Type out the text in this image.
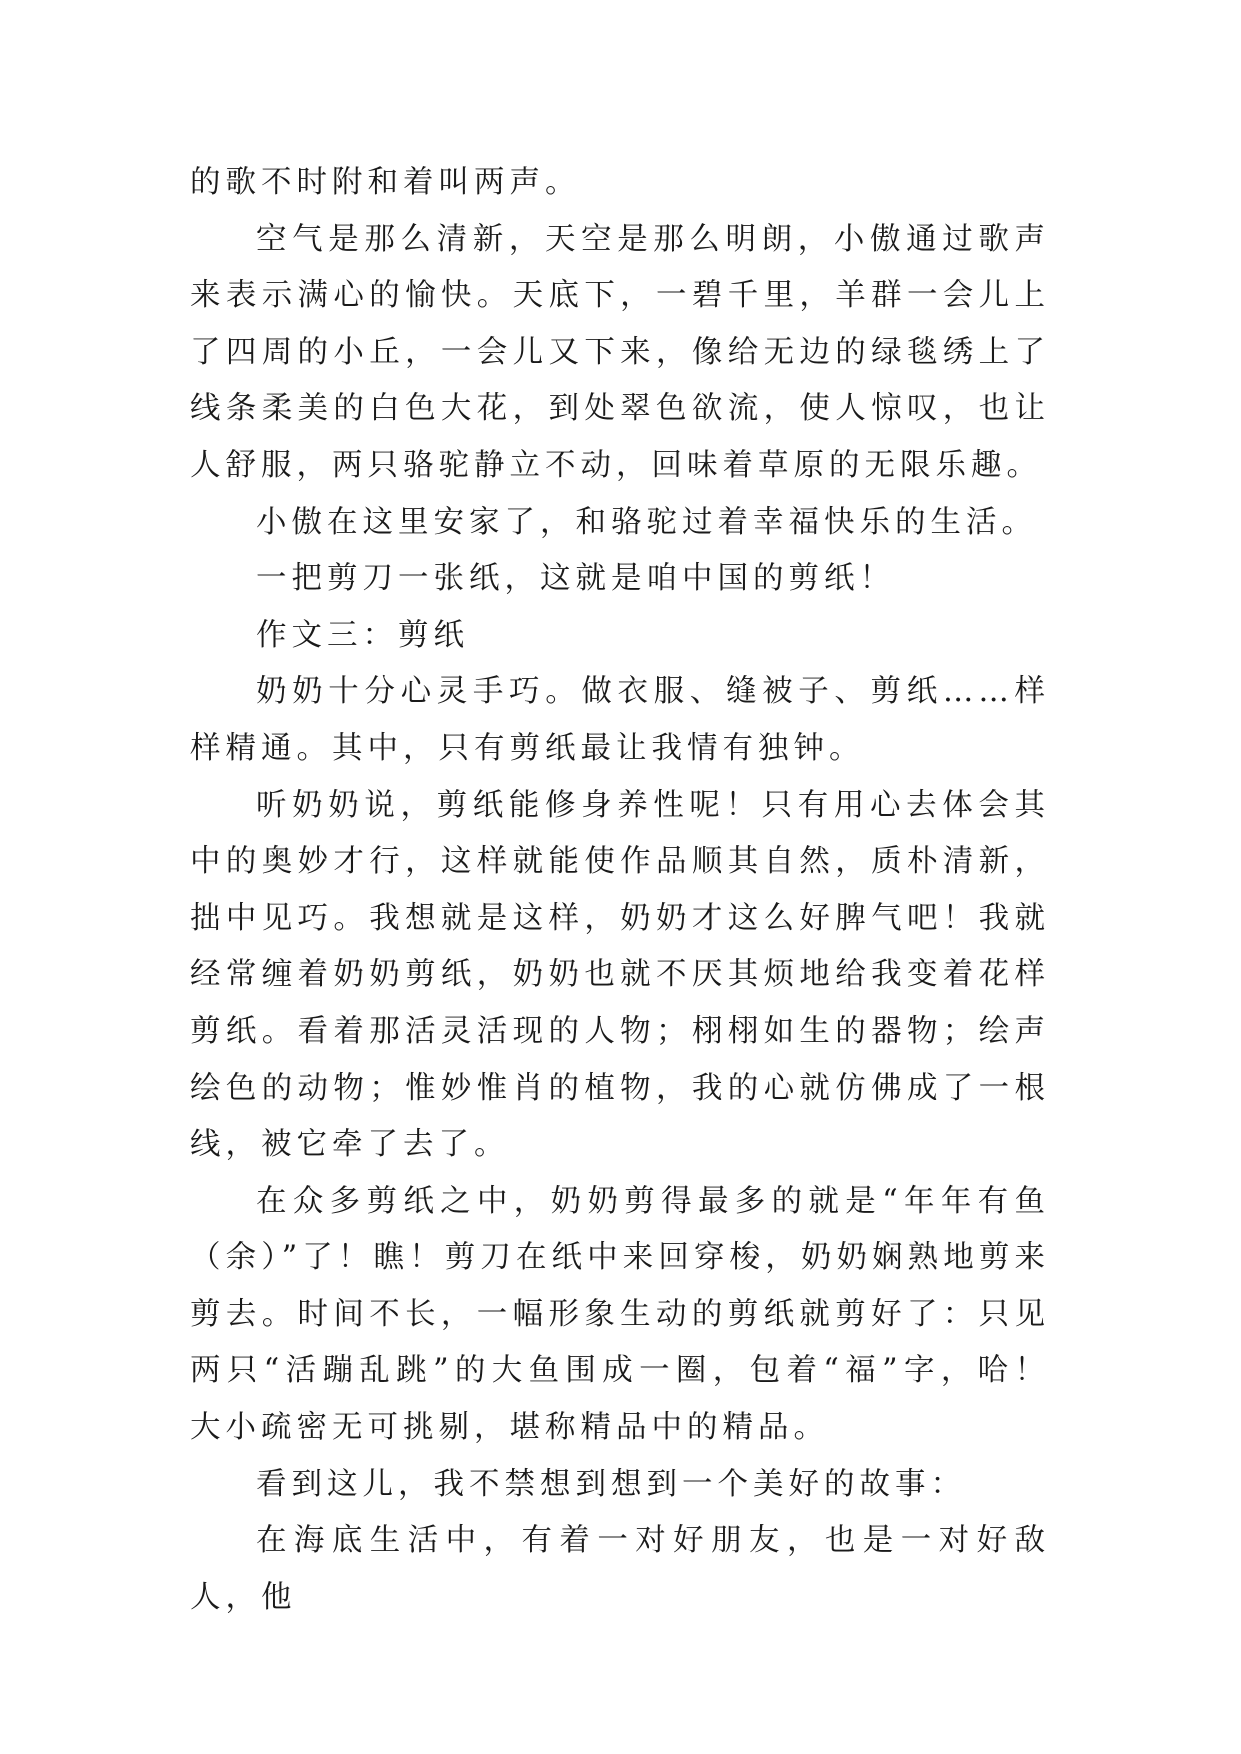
的歌不时附和着叫两声。

空气是那么清新，天空是那么明朗，小傲通过歌声来表示满心的愉快。天底下，一碧千里，羊群一会儿上了四周的小丘，一会儿又下来，像给无边的绿毯绣上了线条柔美的白色大花，到处翠色欲流，使人惊叹，也让人舒服，两只骆驼静立不动，回味着草原的无限乐趣。

小傲在这里安家了，和骆驼过着幸福快乐的生活。

一把剪刀一张纸，这就是咱中国的剪纸！

作文三：剪纸

奶奶十分心灵手巧。做衣服、缝被子、剪纸……样样精通。其中，只有剪纸最让我情有独钟。

听奶奶说，剪纸能修身养性呢！只有用心去体会其中的奥妙才行，这样就能使作品顺其自然，质朴清新，拙中见巧。我想就是这样，奶奶才这么好脾气吧！我就经常缠着奶奶剪纸，奶奶也就不厌其烦地给我变着花样剪纸。看着那活灵活现的人物；栩栩如生的器物；绘声绘色的动物；惟妙惟肖的植物，我的心就仿佛成了一根线，被它牵了去了。

在众多剪纸之中，奶奶剪得最多的就是“年年有鱼（余）”了！瞧！剪刀在纸中来回穿梭，奶奶娴熟地剪来剪去。时间不长，一幅形象生动的剪纸就剪好了：只见两只“活蹦乱跳”的大鱼围成一圈，包着“福”字，哈！大小疏密无可挑剔，堪称精品中的精品。

看到这儿，我不禁想到想到一个美好的故事：

在海底生活中，有着一对好朋友，也是一对好敌人，他
